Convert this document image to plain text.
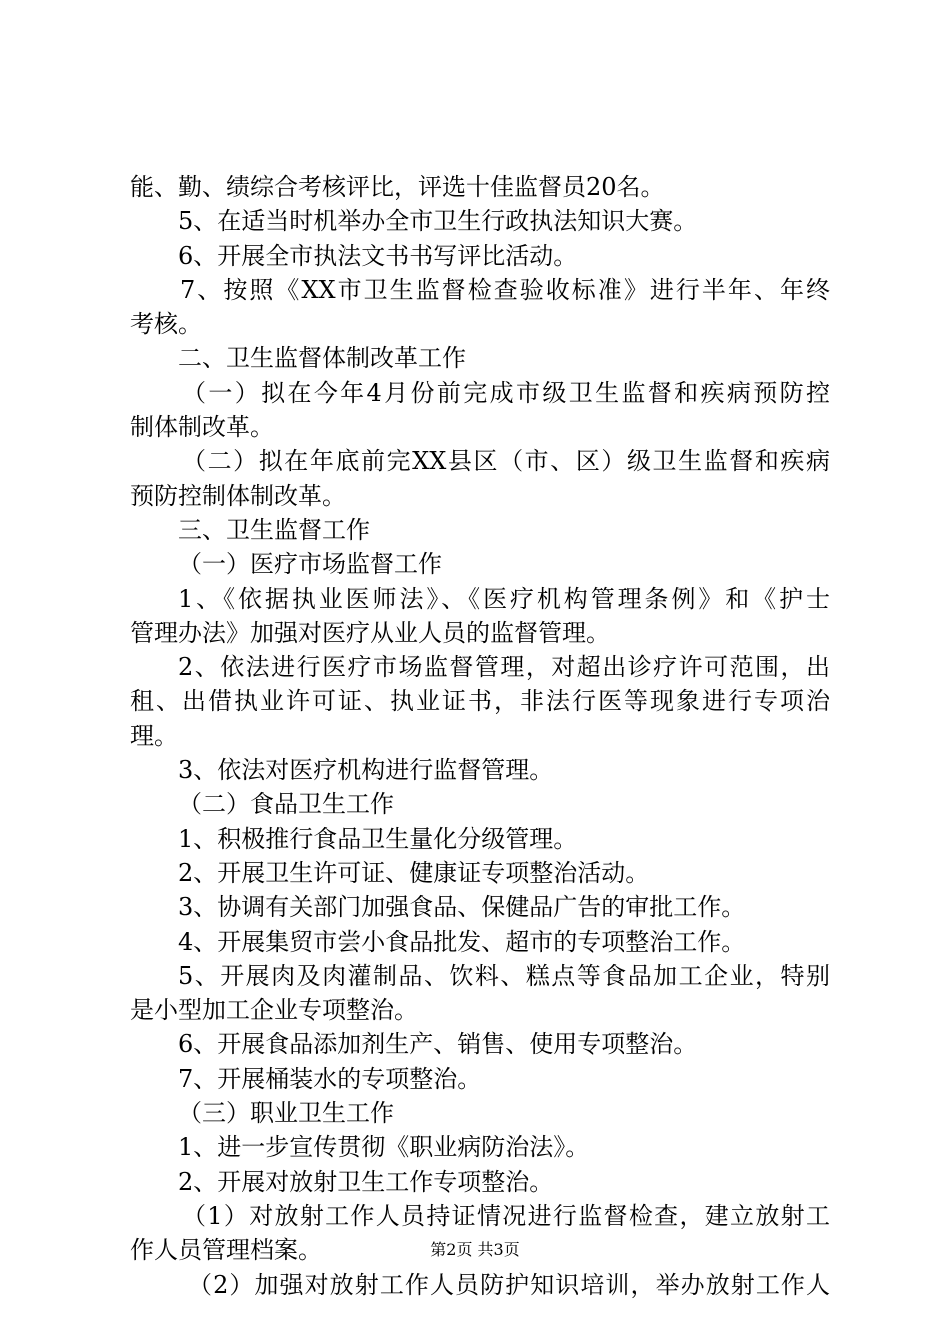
能、勤、绩综合考核评比，评选十佳监督员20名。
5、在适当时机举办全市卫生行政执法知识大赛。
6、开展全市执法文书书写评比活动。
7、按照《XX市卫生监督检查验收标准》进行半年、年终
考核。
二、卫生监督体制改革工作
（一）拟在今年4月份前完成市级卫生监督和疾病预防控
制体制改革。
（二）拟在年底前完XX县区（市、区）级卫生监督和疾病
预防控制体制改革。
三、卫生监督工作
（一）医疗市场监督工作
1、《依据执业医师法》、《医疗机构管理条例》和《护士
管理办法》加强对医疗从业人员的监督管理。
2、依法进行医疗市场监督管理，对超出诊疗许可范围，出
租、出借执业许可证、执业证书，非法行医等现象进行专项治
理。
3、依法对医疗机构进行监督管理。
（二）食品卫生工作
1、积极推行食品卫生量化分级管理。
2、开展卫生许可证、健康证专项整治活动。
3、协调有关部门加强食品、保健品广告的审批工作。
4、开展集贸市尝小食品批发、超市的专项整治工作。
5、开展肉及肉灌制品、饮料、糕点等食品加工企业，特别
是小型加工企业专项整治。
6、开展食品添加剂生产、销售、使用专项整治。
7、开展桶装水的专项整治。
（三）职业卫生工作
1、进一步宣传贯彻《职业病防治法》。
2、开展对放射卫生工作专项整治。
（1）对放射工作人员持证情况进行监督检查，建立放射工
作人员管理档案。
（2）加强对放射工作人员防护知识培训，举办放射工作人
第2页 共3页
